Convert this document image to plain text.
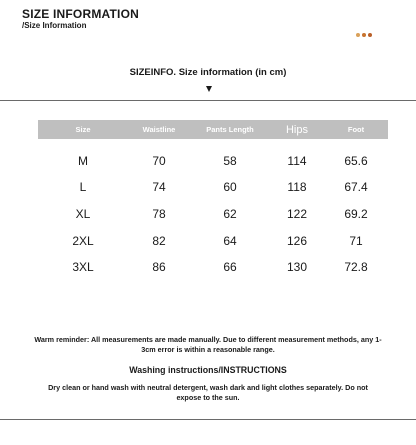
SIZE INFORMATION
/Size Information
SIZEINFO. Size information (in cm)
Size	Waistline	Pants Length	Hips	Foot
M	70	58	114	65.6
L	74	60	118	67.4
XL	78	62	122	69.2
2XL	82	64	126	71
3XL	86	66	130	72.8
Warm reminder: All measurements are made manually. Due to different measurement methods, any 1-3cm error is within a reasonable range.
Washing instructions/INSTRUCTIONS
Dry clean or hand wash with neutral detergent, wash dark and light clothes separately. Do not expose to the sun.
